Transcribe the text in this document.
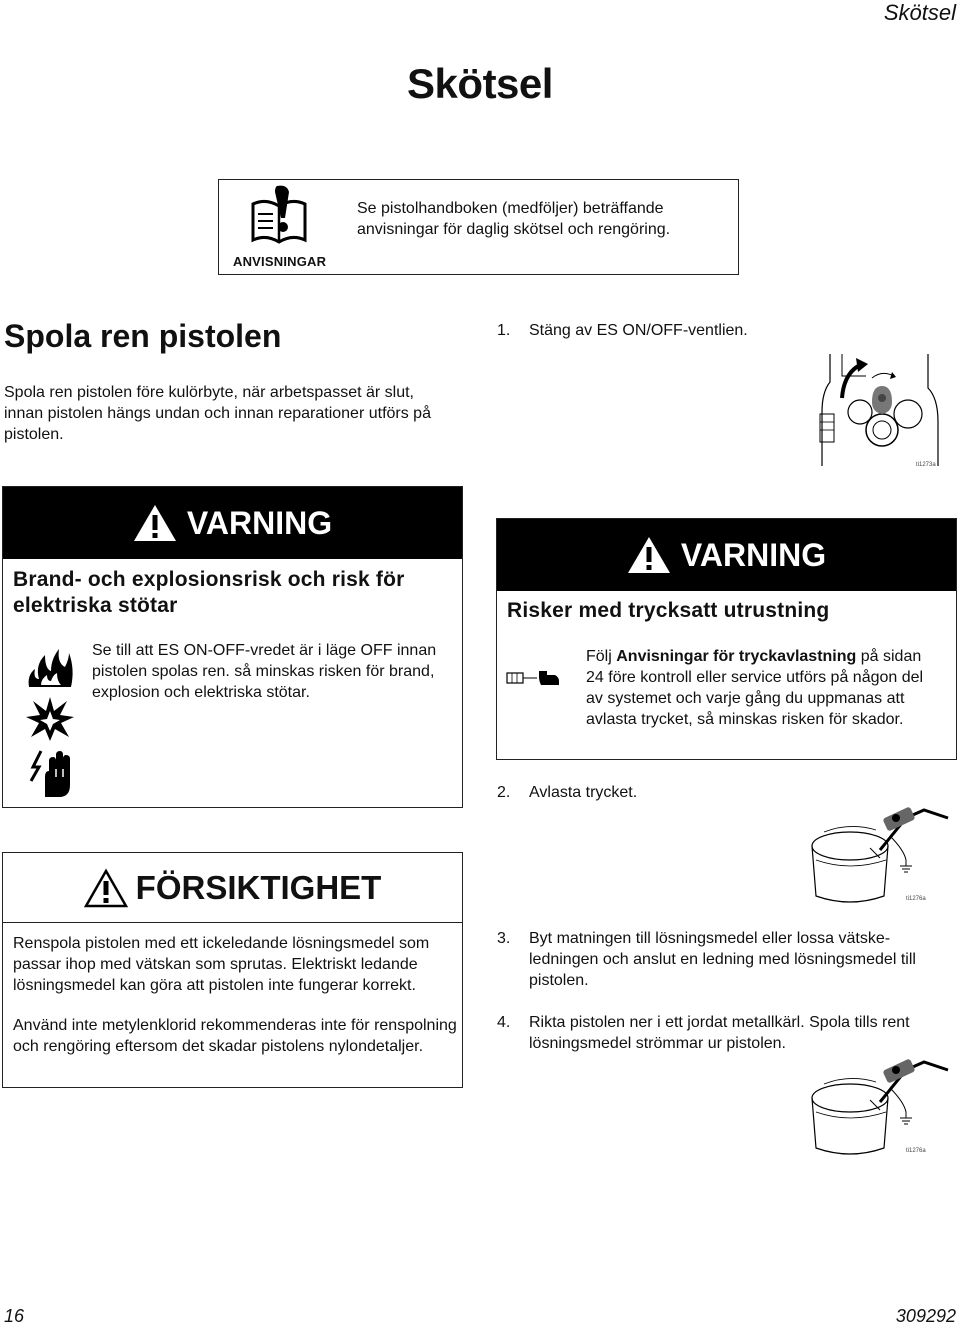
Skötsel
Skötsel
ANVISNINGAR
Se pistolhandboken (medföljer) beträffande anvisningar för daglig skötsel och rengöring.
Spola ren pistolen
Spola ren pistolen före kulörbyte, när arbetspasset är slut, innan pistolen hängs undan och innan reparationer utförs på pistolen.
VARNING
Brand- och explosionsrisk och risk för elektriska stötar
Se till att ES ON-OFF-vredet är i läge OFF innan pistolen spolas ren. så minskas risken för brand, explosion och elektriska stötar.
FÖRSIKTIGHET
Renspola pistolen med ett ickeledande lösningsmedel som passar ihop med vätskan som sprutas. Elektriskt ledande lösningsmedel kan göra att pistolen inte fungerar korrekt.
Använd inte metylenklorid rekommenderas inte för renspolning och rengöring eftersom det skadar pistolens nylondetaljer.
1. Stäng av ES ON/OFF-ventlien.
ti1273a
VARNING
Risker med trycksatt utrustning
Följ Anvisningar för tryckavlastning på sidan 24 före kontroll eller service utförs på någon del av systemet och varje gång du uppmanas att avlasta trycket, så minskas risken för skador.
2. Avlasta trycket.
ti1276a
3. Byt matningen till lösningsmedel eller lossa vätske-ledningen och anslut en ledning med lösningsmedel till pistolen.
4. Rikta pistolen ner i ett jordat metallkärl. Spola tills rent lösningsmedel strömmar ur pistolen.
ti1276a
16	309292
